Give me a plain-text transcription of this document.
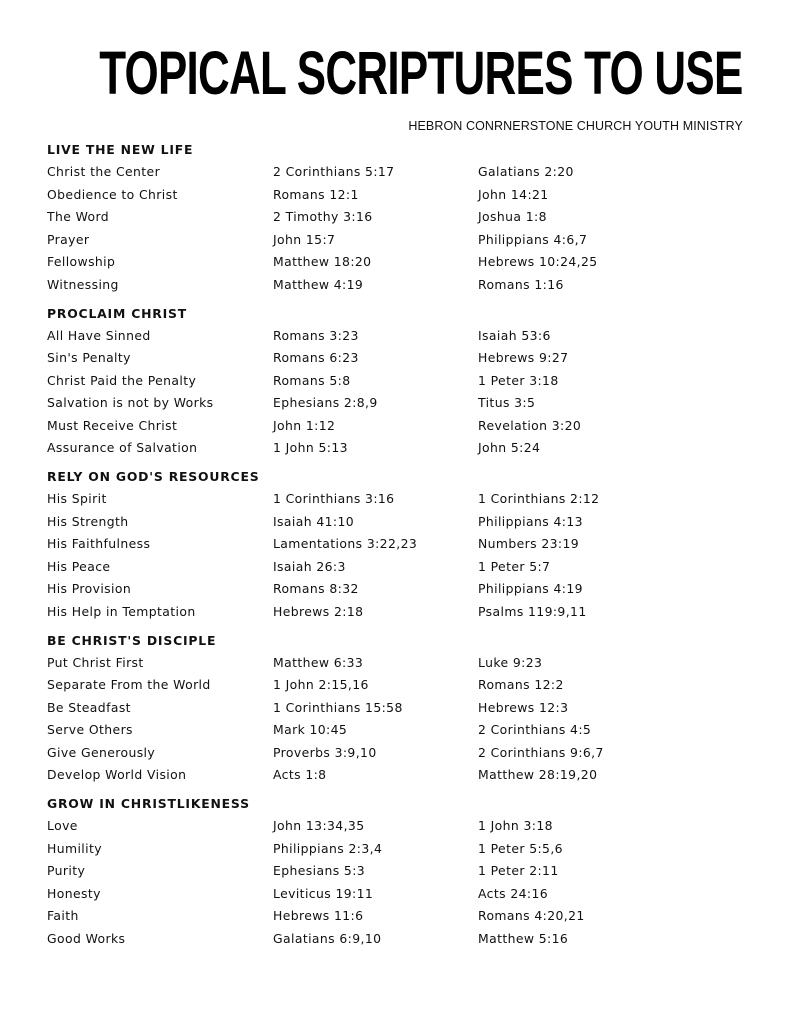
TOPICAL SCRIPTURES TO USE
HEBRON CONRNERSTONE CHURCH YOUTH MINISTRY
LIVE THE NEW LIFE
Christ the Center	2 Corinthians 5:17	Galatians 2:20
Obedience to Christ	Romans 12:1	John 14:21
The Word	2 Timothy 3:16	Joshua 1:8
Prayer	John 15:7	Philippians 4:6,7
Fellowship	Matthew 18:20	Hebrews 10:24,25
Witnessing	Matthew 4:19	Romans 1:16
PROCLAIM CHRIST
All Have Sinned	Romans 3:23	Isaiah 53:6
Sin's Penalty	Romans 6:23	Hebrews 9:27
Christ Paid the Penalty	Romans 5:8	1 Peter 3:18
Salvation is not by Works	Ephesians 2:8,9	Titus 3:5
Must Receive Christ	John 1:12	Revelation 3:20
Assurance of Salvation	1 John 5:13	John 5:24
RELY ON GOD'S RESOURCES
His Spirit	1 Corinthians 3:16	1 Corinthians 2:12
His Strength	Isaiah 41:10	Philippians 4:13
His Faithfulness	Lamentations 3:22,23	Numbers 23:19
His Peace	Isaiah 26:3	1 Peter 5:7
His Provision	Romans 8:32	Philippians 4:19
His Help in Temptation	Hebrews 2:18	Psalms 119:9,11
BE CHRIST'S DISCIPLE
Put Christ First	Matthew 6:33	Luke 9:23
Separate From the World	1 John 2:15,16	Romans 12:2
Be Steadfast	1 Corinthians 15:58	Hebrews 12:3
Serve Others	Mark 10:45	2 Corinthians 4:5
Give Generously	Proverbs 3:9,10	2 Corinthians 9:6,7
Develop World Vision	Acts 1:8	Matthew 28:19,20
GROW IN CHRISTLIKENESS
Love	John 13:34,35	1 John 3:18
Humility	Philippians 2:3,4	1 Peter 5:5,6
Purity	Ephesians 5:3	1 Peter 2:11
Honesty	Leviticus 19:11	Acts 24:16
Faith	Hebrews 11:6	Romans 4:20,21
Good Works	Galatians 6:9,10	Matthew 5:16
